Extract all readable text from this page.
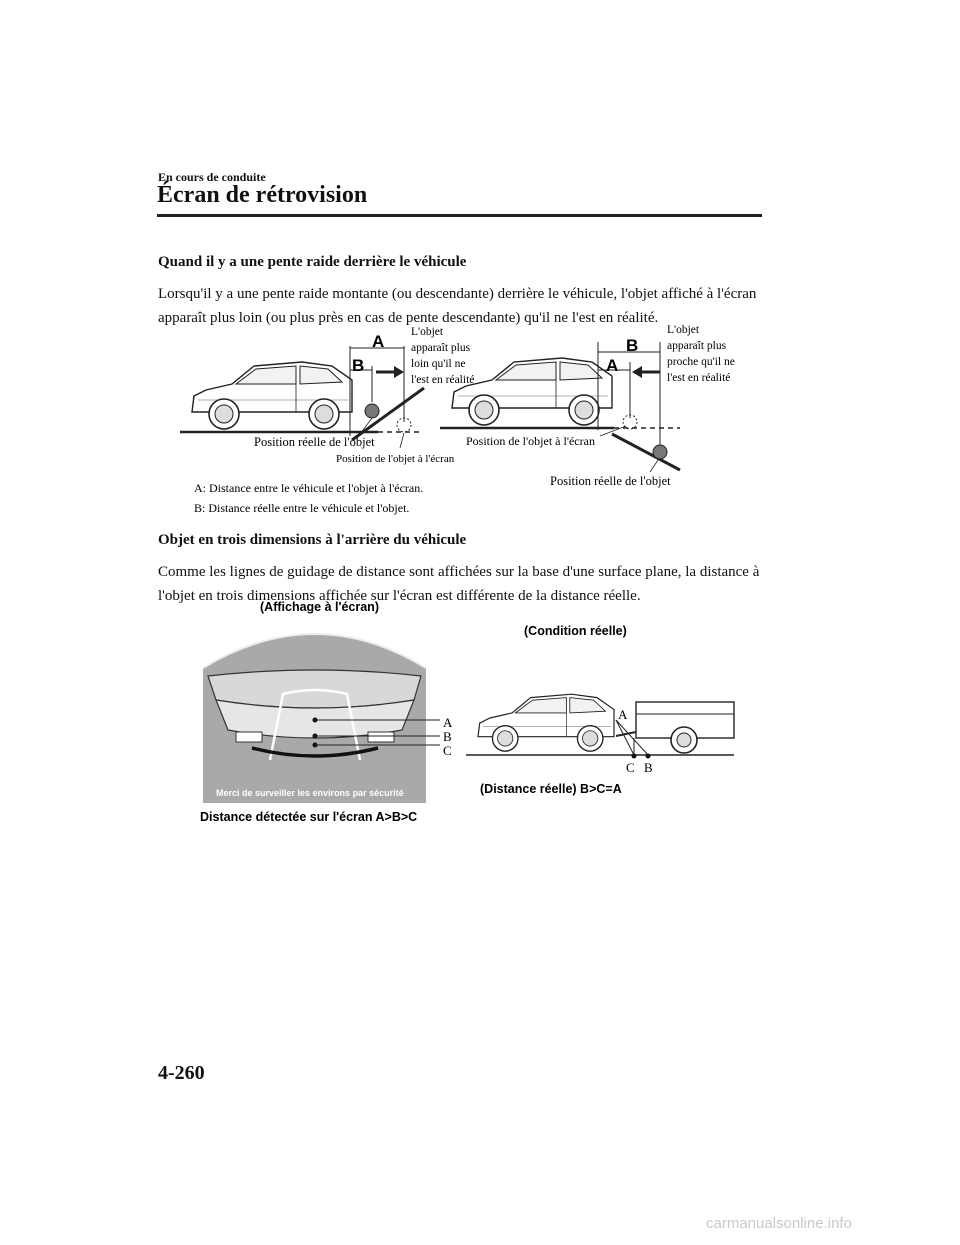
En cours de conduite
Écran de rétrovision
Quand il y a une pente raide derrière le véhicule
Lorsqu'il y a une pente raide montante (ou descendante) derrière le véhicule, l'objet affiché à l'écran apparaît plus loin (ou plus près en cas de pente descendante) qu'il ne l'est en réalité.
Objet en trois dimensions à l'arrière du véhicule
Comme les lignes de guidage de distance sont affichées sur la base d'une surface plane, la distance à l'objet en trois dimensions affichée sur l'écran est différente de la distance réelle.
A
B
L'objet
apparaît plus
loin qu'il ne
l'est en réalité
Position réelle de l'objet
Position de l'objet à l'écran
B
A
L'objet
apparaît plus
proche qu'il ne
l'est en réalité
Position de l'objet à l'écran
Position réelle de l'objet
A: Distance entre le véhicule et l'objet à l'écran.
B: Distance réelle entre le véhicule et l'objet.
(Affichage à l'écran)
A
B
C
Merci de surveiller les environs par sécurité
Distance détectée sur l'écran A>B>C
(Condition réelle)
A
C B
(Distance réelle) B>C=A
4-260
carmanualsonline.info
